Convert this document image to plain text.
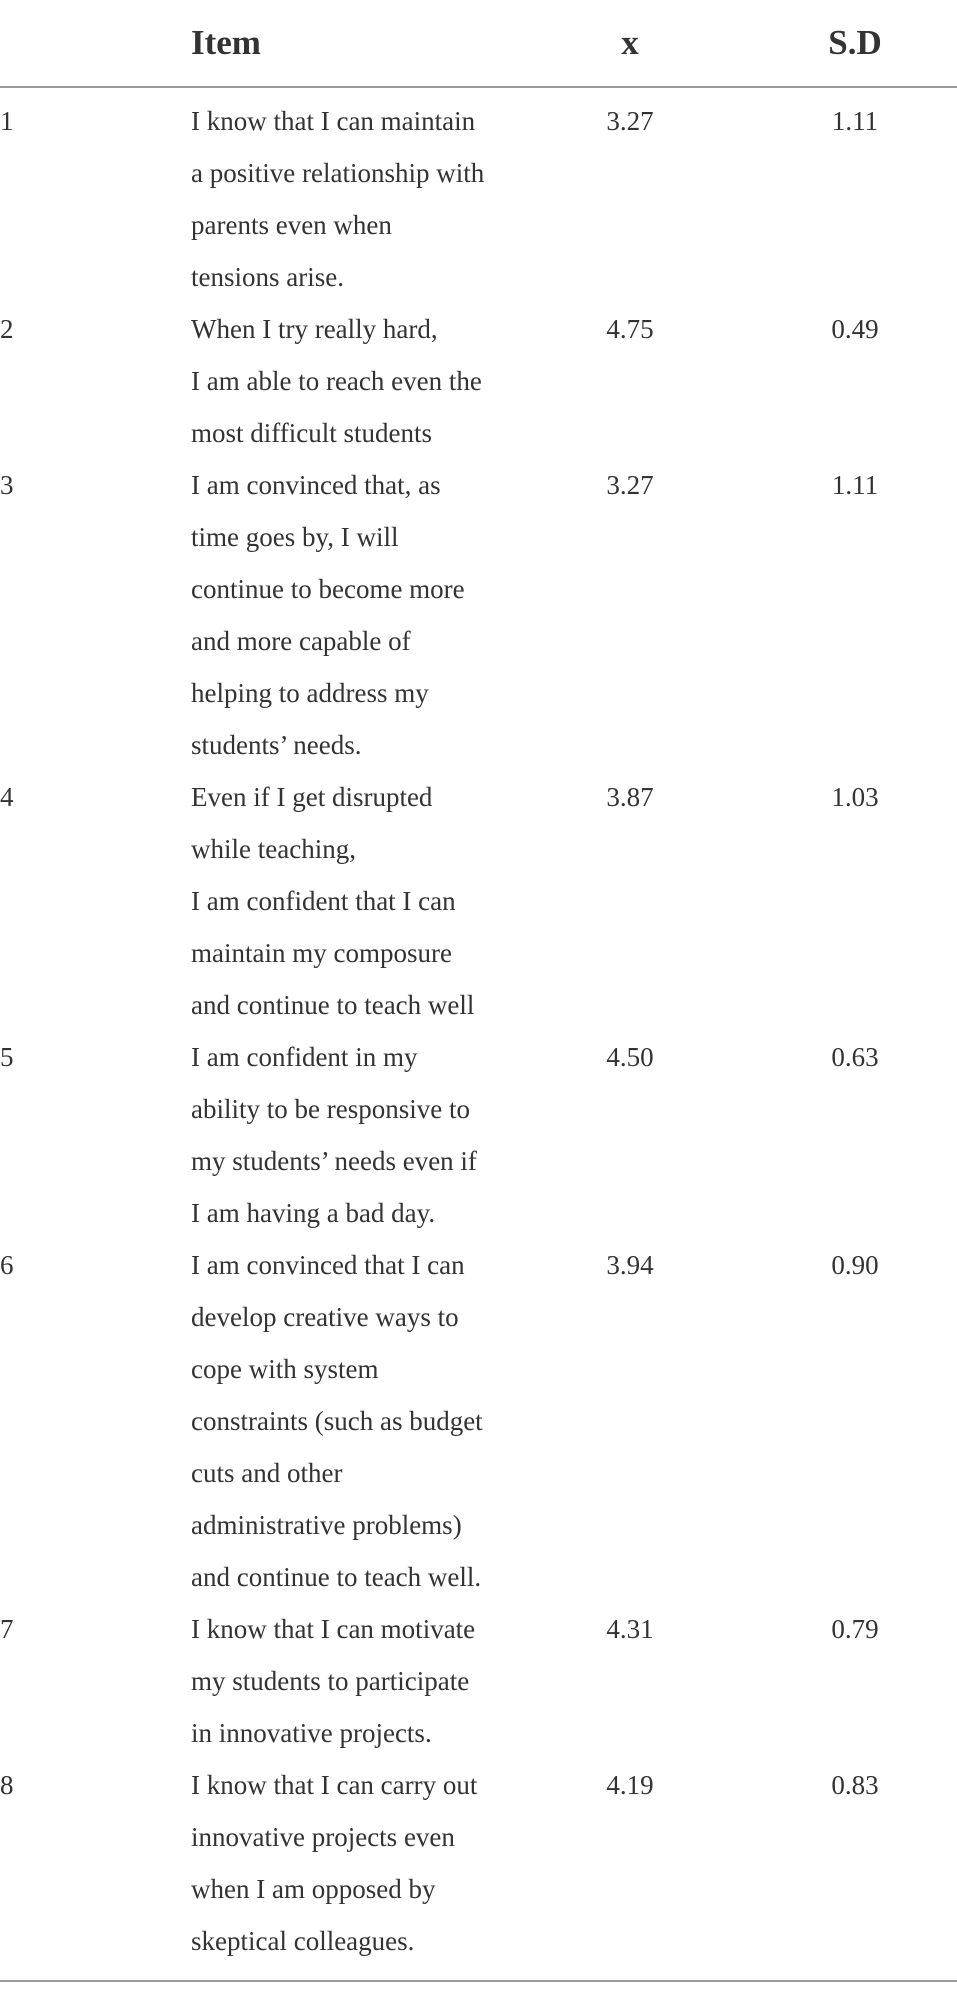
Item	x	S.D
1	I know that I can maintain
a positive relationship with
parents even when
tensions arise.
3.27	1.11
2	When I try really hard,
I am able to reach even the
most difficult students
4.75	0.49
3	I am convinced that, as
time goes by, I will
continue to become more
and more capable of
helping to address my
students’ needs.
3.27	1.11
4	Even if I get disrupted
while teaching,
I am confident that I can
maintain my composure
and continue to teach well
3.87	1.03
5	I am confident in my
ability to be responsive to
my students’ needs even if
I am having a bad day.
4.50	0.63
6	I am convinced that I can
develop creative ways to
cope with system
constraints (such as budget
cuts and other
administrative problems)
and continue to teach well.
3.94	0.90
7	I know that I can motivate
my students to participate
in innovative projects.
4.31	0.79
8	I know that I can carry out
innovative projects even
when I am opposed by
skeptical colleagues.
4.19	0.83
